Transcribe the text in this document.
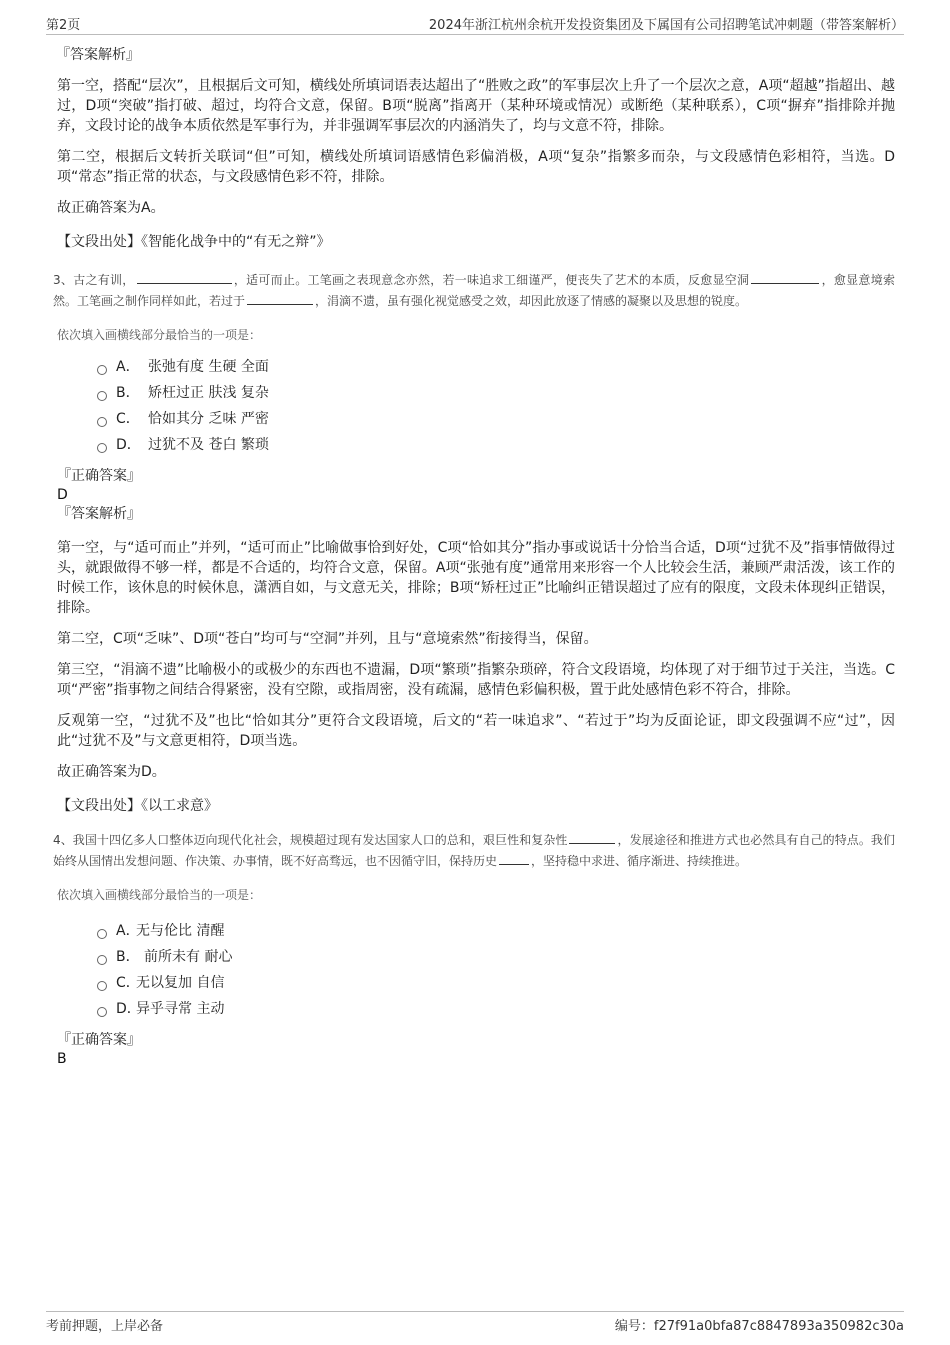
第2页	2024年浙江杭州余杭开发投资集团及下属国有公司招聘笔试冲刺题（带答案解析）
『答案解析』

第一空，搭配“层次”，且根据后文可知，横线处所填词语表达超出了“胜败之政”的军事层次上升了一个层次之意，A项“超越”指超出、越过，D项“突破”指打破、超过，均符合文意，保留。B项“脱离”指离开（某种环境或情况）或断绝（某种联系），C项“摒弃”指排除并抛弃，文段讨论的战争本质依然是军事行为，并非强调军事层次的内涵消失了，均与文意不符，排除。

第二空，根据后文转折关联词“但”可知，横线处所填词语感情色彩偏消极，A项“复杂”指繁多而杂，与文段感情色彩相符，当选。D项“常态”指正常的状态，与文段感情色彩不符，排除。

故正确答案为A。

【文段出处】《智能化战争中的“有无之辩”》

3、古之有训，	，适可而止。工笔画之表现意念亦然，若一味追求工细谨严，便丧失了艺术的本质，反愈显空洞	，愈显意境索然。工笔画之制作同样如此，若过于	，涓滴不遗，虽有强化视觉感受之效，却因此放逐了情感的凝聚以及思想的锐度。

依次填入画横线部分最恰当的一项是：

A． 张弛有度 生硬 全面
B． 矫枉过正 肤浅 复杂
C． 恰如其分 乏味 严密
D． 过犹不及 苍白 繁琐
『正确答案』
D
『答案解析』

第一空，与“适可而止”并列，“适可而止”比喻做事恰到好处，C项“恰如其分”指办事或说话十分恰当合适，D项“过犹不及”指事情做得过头，就跟做得不够一样，都是不合适的，均符合文意，保留。A项“张弛有度”通常用来形容一个人比较会生活，兼顾严肃活泼，该工作的时候工作，该休息的时候休息，潇洒自如，与文意无关，排除；B项“矫枉过正”比喻纠正错误超过了应有的限度，文段未体现纠正错误，排除。

第二空，C项“乏味”、D项“苍白”均可与“空洞”并列，且与“意境索然”衔接得当，保留。

第三空，“涓滴不遗”比喻极小的或极少的东西也不遗漏，D项“繁琐”指繁杂琐碎，符合文段语境，均体现了对于细节过于关注，当选。C项“严密”指事物之间结合得紧密，没有空隙，或指周密，没有疏漏，感情色彩偏积极，置于此处感情色彩不符合，排除。

反观第一空，“过犹不及”也比“恰如其分”更符合文段语境，后文的“若一味追求”、“若过于”均为反面论证，即文段强调不应“过”，因此“过犹不及”与文意更相符，D项当选。

故正确答案为D。

【文段出处】《以工求意》

4、我国十四亿多人口整体迈向现代化社会，规模超过现有发达国家人口的总和，艰巨性和复杂性	，发展途径和推进方式也必然具有自己的特点。我们始终从国情出发想问题、作决策、办事情，既不好高骛远，也不因循守旧，保持历史	，坚持稳中求进、循序渐进、持续推进。

依次填入画横线部分最恰当的一项是：

A．
无与伦比 清醒
B． 前所未有 耐心
C．
无以复加 自信
D．
异乎寻常 主动
『正确答案』
B
考前押题，上岸必备	编号：f27f91a0bfa87c8847893a350982c30a
